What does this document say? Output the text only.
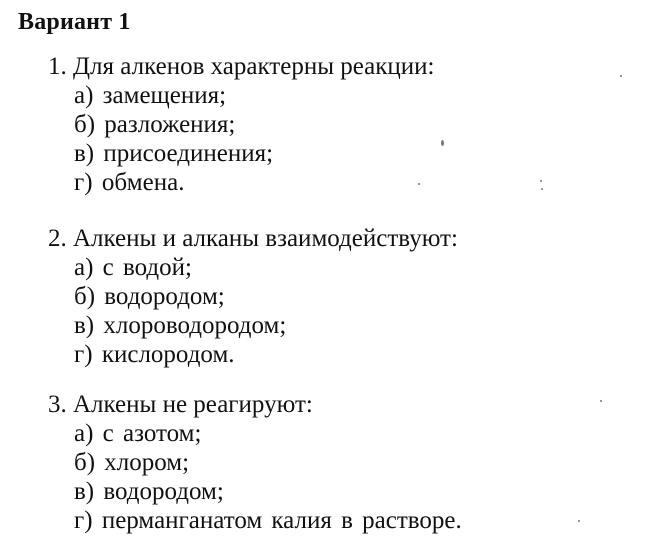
Вариант 1
1. Для алкенов характерны реакции:
а) замещения;
б) разложения;
в) присоединения;
г) обмена.
2. Алкены и алканы взаимодействуют:
а) с водой;
б) водородом;
в) хлороводородом;
г) кислородом.
3. Алкены не реагируют:
а) с азотом;
б) хлором;
в) водородом;
г) перманганатом калия в растворе.
